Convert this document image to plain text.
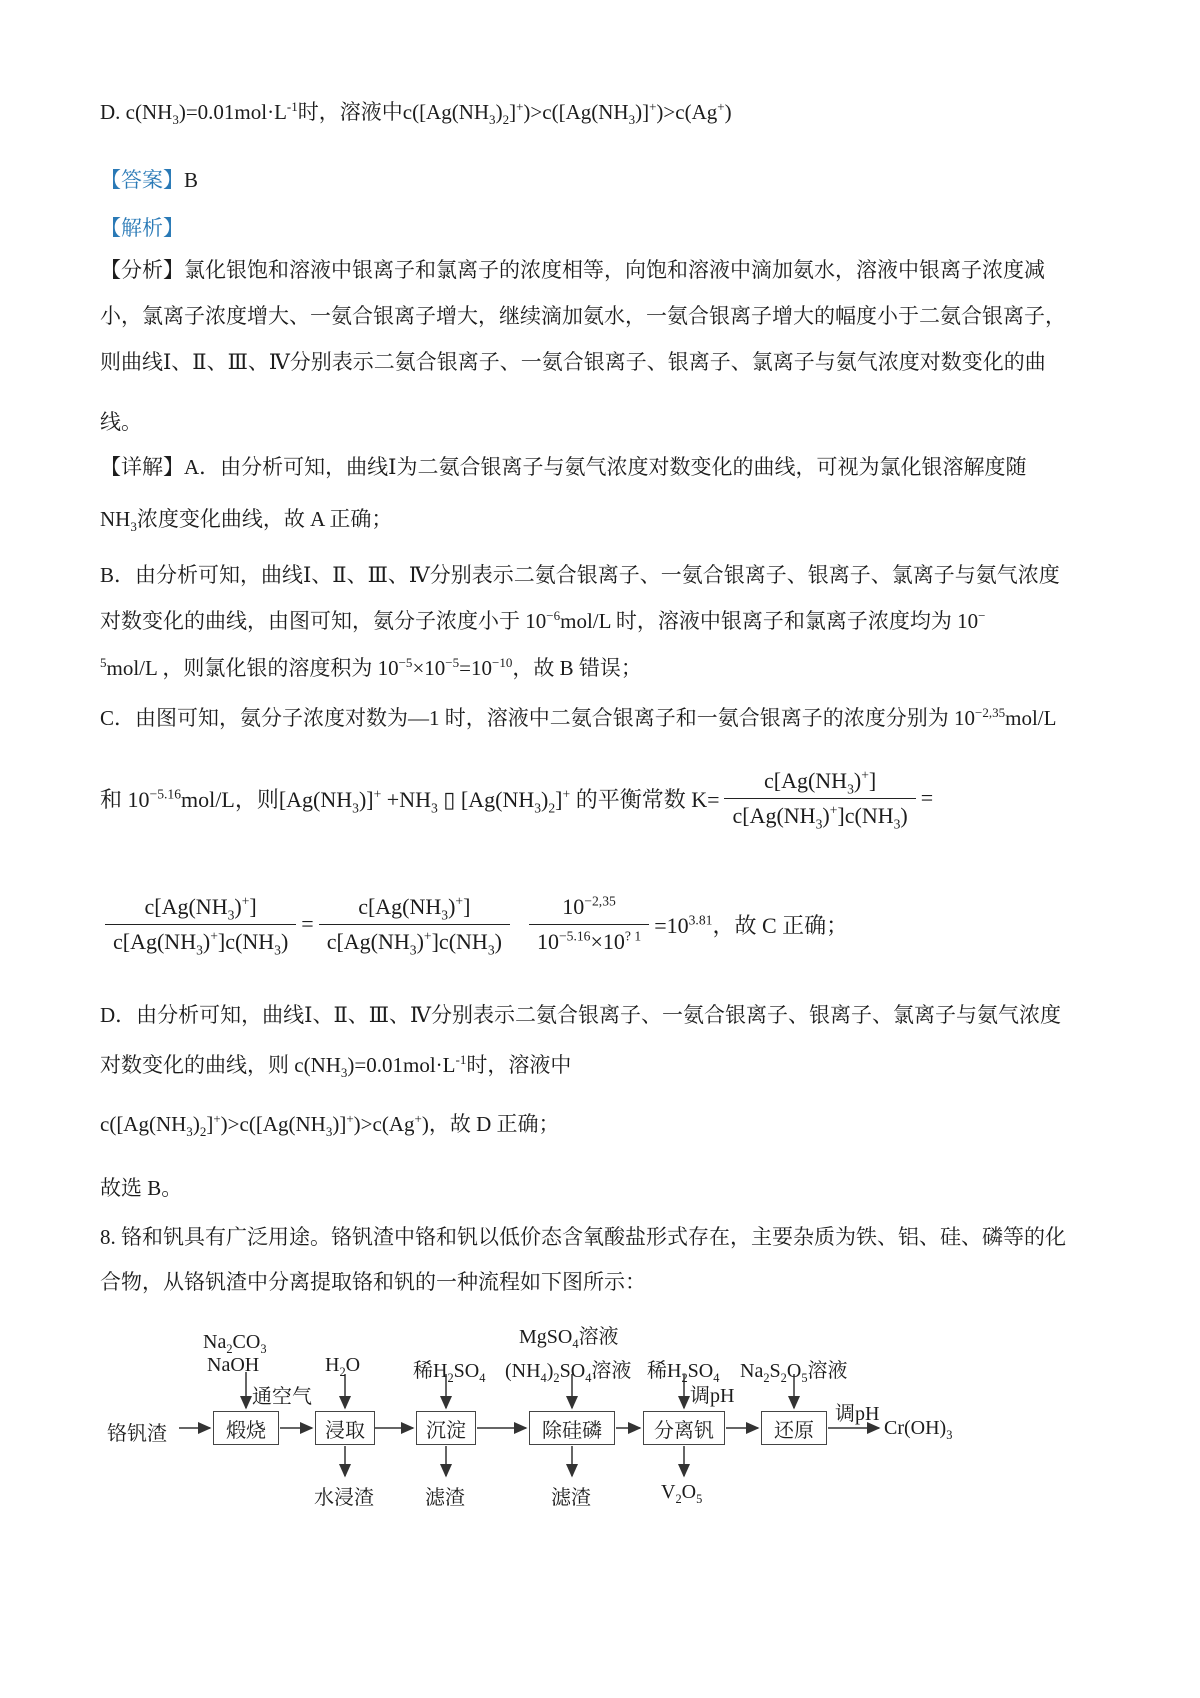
D. $c(NH_3)=0.01mol\cdot L^{-1}$时，溶液中$c([Ag(NH_3)_2]^+)>c([Ag(NH_3)]^+)>c(Ag^+)$
【答案】B
【解析】
【分析】氯化银饱和溶液中银离子和氯离子的浓度相等，向饱和溶液中滴加氨水，溶液中银离子浓度减
小，氯离子浓度增大、一氨合银离子增大，继续滴加氨水，一氨合银离子增大的幅度小于二氨合银离子，
则曲线Ⅰ、Ⅱ、Ⅲ、Ⅳ分别表示二氨合银离子、一氨合银离子、银离子、氯离子与氨气浓度对数变化的曲
线。
【详解】A．由分析可知，曲线Ⅰ为二氨合银离子与氨气浓度对数变化的曲线，可视为氯化银溶解度随
$NH_3$浓度变化曲线，故 A 正确；
B．由分析可知，曲线Ⅰ、Ⅱ、Ⅲ、Ⅳ分别表示二氨合银离子、一氨合银离子、银离子、氯离子与氨气浓度
对数变化的曲线，由图可知，氨分子浓度小于 $10^{-6}mol/L$ 时，溶液中银离子和氯离子浓度均为 10−
$^5$mol/L ，则氯化银的溶度积为 $10^{-5}\times 10^{-5}=10^{-10}$，故 B 错误；
C．由图可知，氨分子浓度对数为—1 时，溶液中二氨合银离子和一氨合银离子的浓度分别为 $10^{-2,35}mol/L$
和 $10^{-5.16}mol/L$，则$[Ag(NH_3)]^+ +NH_3$ ▯ $[Ag(NH_3)_2]^+$ 的平衡常数 $K= \frac{c[Ag(NH_3)^+]}{c[Ag(NH_3)^+]c(NH_3)}$ =
$\frac{c[Ag(NH_3)^+]}{c[Ag(NH_3)^+]c(NH_3)} = \frac{c[Ag(NH_3)^+]}{c[Ag(NH_3)^+]c(NH_3)} \frac{10^{-2,35}}{10^{-5.16}\times 10^{? 1}} =10^{3.81}$，故 C 正确；
D．由分析可知，曲线Ⅰ、Ⅱ、Ⅲ、Ⅳ分别表示二氨合银离子、一氨合银离子、银离子、氯离子与氨气浓度
对数变化的曲线，则 $c(NH_3)=0.01mol\cdot L^{-1}$时，溶液中
$c([Ag(NH_3)_2]^+)>c([Ag(NH_3)]^+)>c(Ag^+)$，故 D 正确；
故选 B。
8. 铬和钒具有广泛用途。铬钒渣中铬和钒以低价态含氧酸盐形式存在，主要杂质为铁、铝、硅、磷等的化
合物，从铬钒渣中分离提取铬和钒的一种流程如下图所示：
$Na_2CO_3$
NaOH
通空气
$H_2O$	稀$H_2SO_4$
MgSO$_4$溶液
$(NH_4)_2SO_4$溶液 稀$H_2SO_4$
调pH
$Na_2S_2O_5$溶液
铬钒渣
调pH
$Cr(OH)_3$
煅烧	浸取	沉淀	除硅磷	分离钒	还原
水浸渣	滤渣	滤渣	$V_2O_5$
